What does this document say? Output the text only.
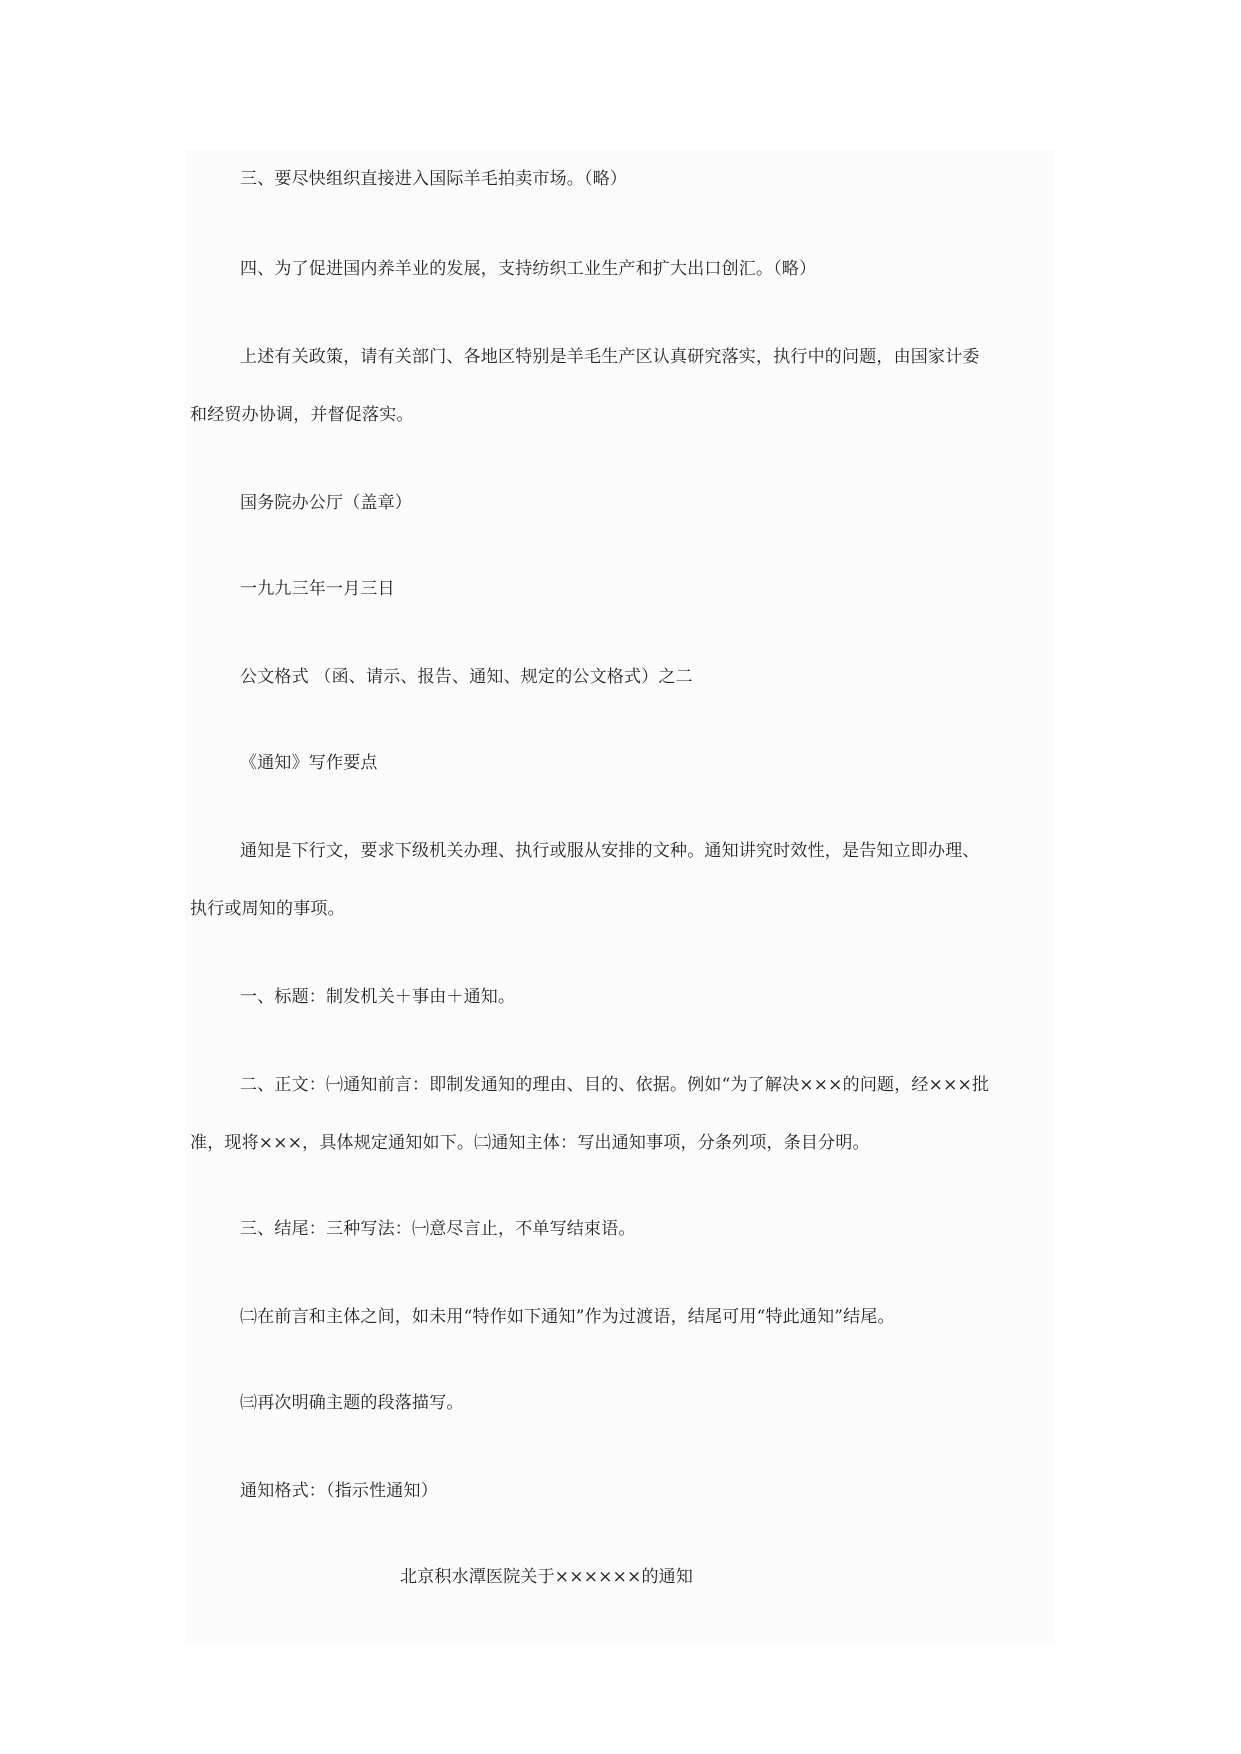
三、要尽快组织直接进入国际羊毛拍卖市场。（略）
四、为了促进国内养羊业的发展，支持纺织工业生产和扩大出口创汇。（略）
上述有关政策，请有关部门、各地区特别是羊毛生产区认真研究落实，执行中的问题，由国家计委
和经贸办协调，并督促落实。
国务院办公厅（盖章）
一九九三年一月三日
公文格式 （函、请示、报告、通知、规定的公文格式）之二
《通知》写作要点
通知是下行文，要求下级机关办理、执行或服从安排的文种。通知讲究时效性，是告知立即办理、
执行或周知的事项。
一、标题：制发机关＋事由＋通知。
二、正文：㈠通知前言：即制发通知的理由、目的、依据。例如“为了解决×××的问题，经×××批
准，现将×××，具体规定通知如下。㈡通知主体：写出通知事项，分条列项，条目分明。
三、结尾：三种写法：㈠意尽言止，不单写结束语。
㈡在前言和主体之间，如未用“特作如下通知”作为过渡语，结尾可用“特此通知”结尾。
㈢再次明确主题的段落描写。
通知格式：（指示性通知）
北京积水潭医院关于××××××的通知
